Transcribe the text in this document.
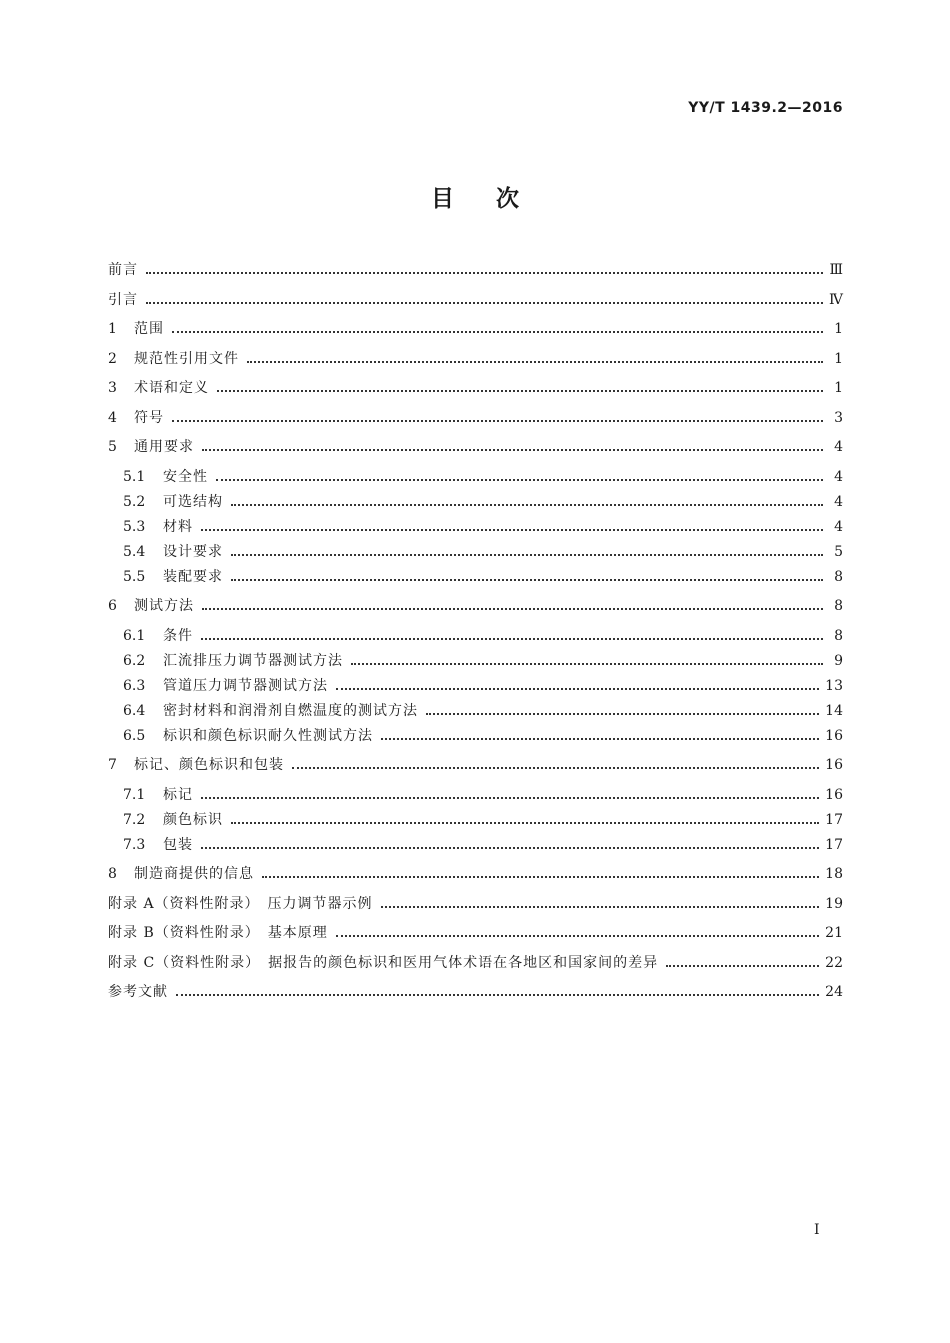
YY/T 1439.2—2016
目 次
前言	Ⅲ
引言	Ⅳ
1	范围	1
2	规范性引用文件	1
3	术语和定义	1
4	符号	3
5	通用要求	4
5.1	安全性	4
5.2	可选结构	4
5.3	材料	4
5.4	设计要求	5
5.5	装配要求	8
6	测试方法	8
6.1	条件	8
6.2	汇流排压力调节器测试方法	9
6.3	管道压力调节器测试方法	13
6.4	密封材料和润滑剂自燃温度的测试方法	14
6.5	标识和颜色标识耐久性测试方法	16
7	标记、颜色标识和包装	16
7.1	标记	16
7.2	颜色标识	17
7.3	包装	17
8	制造商提供的信息	18
附录 A（资料性附录）　压力调节器示例	19
附录 B（资料性附录）　基本原理	21
附录 C（资料性附录）　据报告的颜色标识和医用气体术语在各地区和国家间的差异	22
参考文献	24
Ⅰ
